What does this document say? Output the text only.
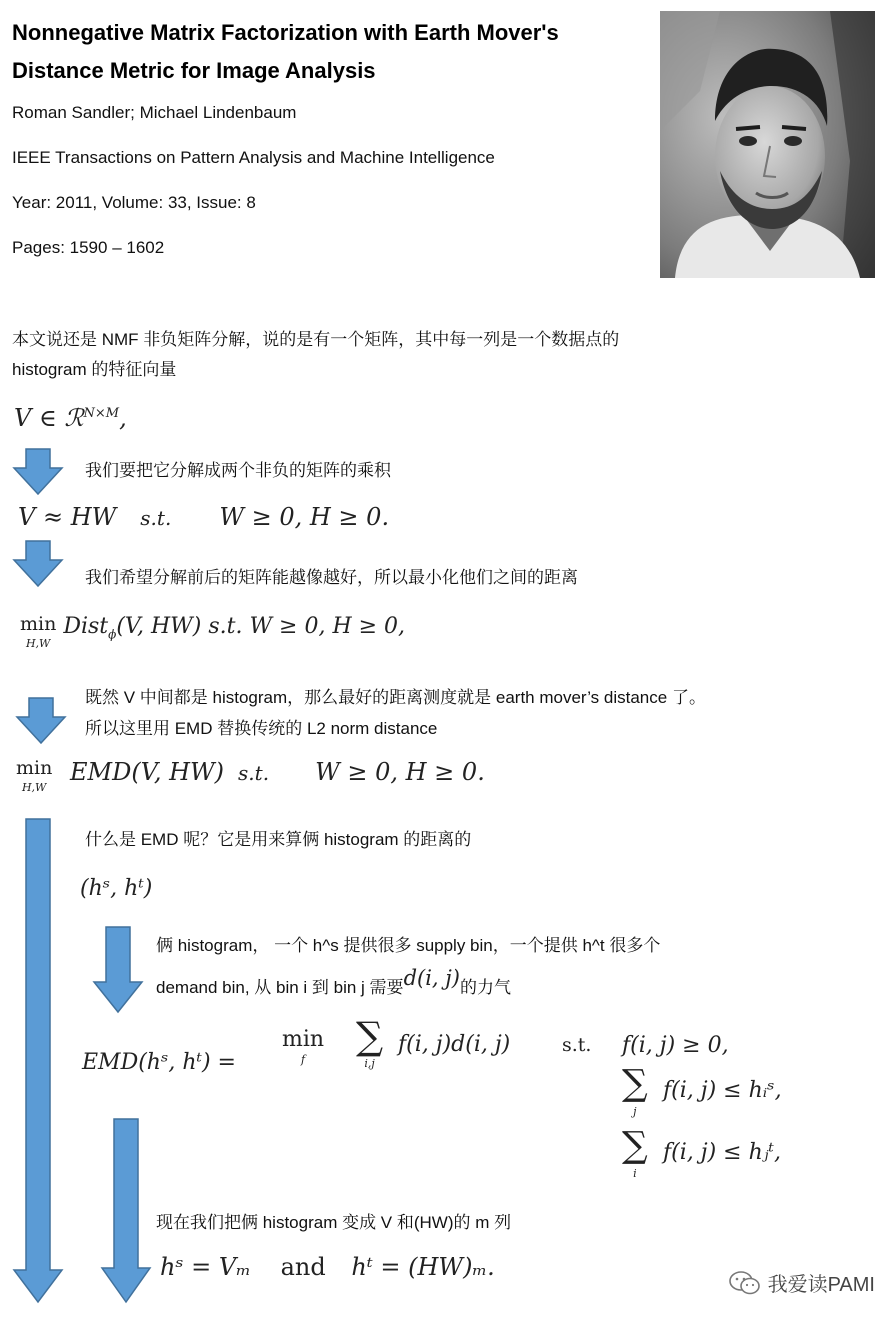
Nonnegative Matrix Factorization with Earth Mover's
Distance Metric for Image Analysis
Roman Sandler; Michael Lindenbaum
IEEE Transactions on Pattern Analysis and Machine Intelligence
Year: 2011, Volume: 33, Issue: 8
Pages: 1590 – 1602
本文说还是 NMF 非负矩阵分解，说的是有一个矩阵，其中每一列是一个数据点的
histogram 的特征向量
V ∈ ℛ$^{N\times M}$,
我们要把它分解成两个非负的矩阵的乘积
V ≈ HW s.t. W ≥ 0, H ≥ 0.
我们希望分解前后的矩阵能越像越好，所以最小化他们之间的距离
min
H,W
Dist$_\phi$(V, HW) s.t. W ≥ 0, H ≥ 0,
既然 V 中间都是 histogram，那么最好的距离测度就是 earth mover’s distance 了。
所以这里用 EMD 替换传统的 L2 norm distance
min
H,W
EMD(V, HW) s.t. W ≥ 0, H ≥ 0.
什么是 EMD 呢？它是用来算俩 histogram 的距离的
(hˢ, hᵗ)
俩 histogram， 一个 h^s 提供很多 supply bin，一个提供 h^t 很多个
demand bin, 从 bin i 到 bin j 需要d(i, j)的力气
EMD(hˢ, hᵗ) =
min
f
∑
i,j
f(i, j)d(i, j)	s.t. f(i, j) ≥ 0,
∑
j
f(i, j) ≤ hᵢˢ,
∑
i
f(i, j) ≤ hⱼᵗ,
现在我们把俩 histogram 变成 V 和(HW)的 m 列
hˢ = Vₘ and hᵗ = (HW)ₘ.
我爱读PAMI
